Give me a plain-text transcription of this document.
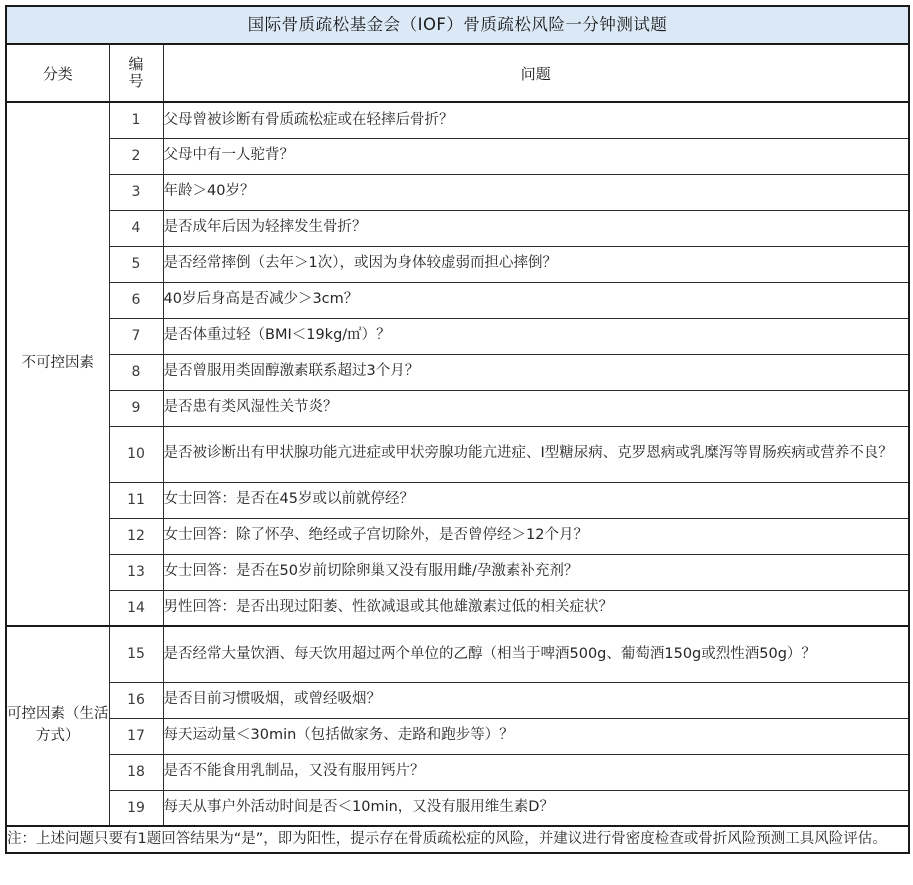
国际骨质疏松基金会（IOF）骨质疏松风险一分钟测试题		
分类	编号	问题
不可控因素	1	父母曾被诊断有骨质疏松症或在轻摔后骨折？
	2	父母中有一人驼背？
	3	年龄＞40岁？
	4	是否成年后因为轻摔发生骨折？
	5	是否经常摔倒（去年＞1次），或因为身体较虚弱而担心摔倒？
	6	40岁后身高是否减少＞3cm？
	7	是否体重过轻（BMI＜19kg/㎡）？
	8	是否曾服用类固醇激素联系超过3个月？
	9	是否患有类风湿性关节炎？
	10	是否被诊断出有甲状腺功能亢进症或甲状旁腺功能亢进症、I型糖尿病、克罗恩病或乳糜泻等胃肠疾病或营养不良？
	11	女士回答：是否在45岁或以前就停经？
	12	女士回答：除了怀孕、绝经或子宫切除外，是否曾停经＞12个月？
	13	女士回答：是否在50岁前切除卵巢又没有服用雌/孕激素补充剂？
	14	男性回答：是否出现过阳萎、性欲减退或其他雄激素过低的相关症状？
可控因素（生活方式）	15	是否经常大量饮酒、每天饮用超过两个单位的乙醇（相当于啤酒500g、葡萄酒150g或烈性酒50g）？
	16	是否目前习惯吸烟，或曾经吸烟？
	17	每天运动量＜30min（包括做家务、走路和跑步等）？
	18	是否不能食用乳制品，又没有服用钙片？
	19	每天从事户外活动时间是否＜10min，又没有服用维生素D？
注：上述问题只要有1题回答结果为“是”，即为阳性，提示存在骨质疏松症的风险，并建议进行骨密度检查或骨折风险预测工具风险评估。		
